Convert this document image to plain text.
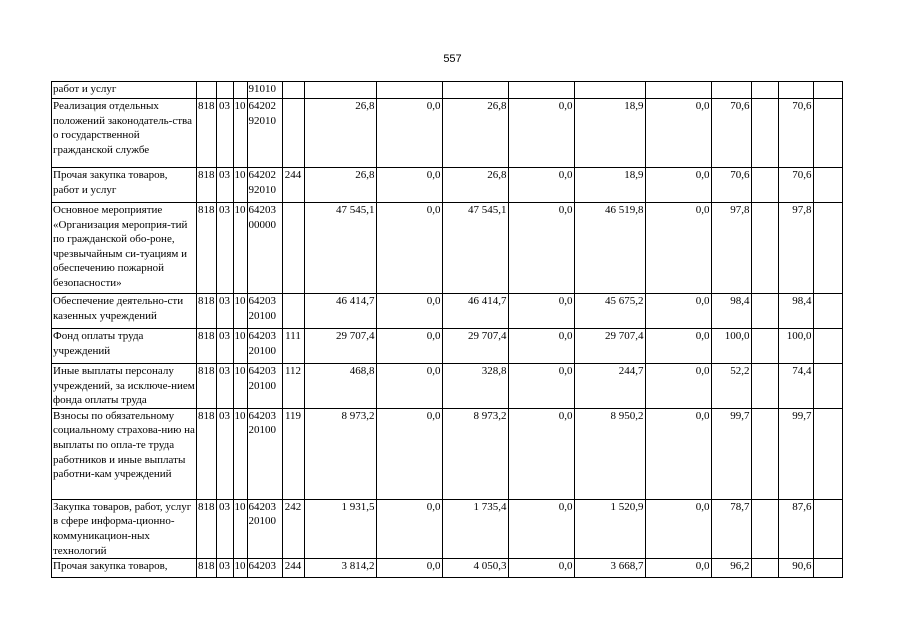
557
работ и услуг				91010											
Реализация отдельных положений законодатель-ства о государственной гражданской службе	818	03	10	64202 92010		26,8	0,0	26,8	0,0	18,9	0,0	70,6		70,6	
Прочая закупка товаров, работ и услуг	818	03	10	64202 92010	244	26,8	0,0	26,8	0,0	18,9	0,0	70,6		70,6	
Основное мероприятие «Организация мероприя-тий по гражданской обо-роне, чрезвычайным си-туациям и обеспечению пожарной безопасности»	818	03	10	64203 00000		47 545,1	0,0	47 545,1	0,0	46 519,8	0,0	97,8		97,8	
Обеспечение деятельно-сти казенных учреждений	818	03	10	64203 20100		46 414,7	0,0	46 414,7	0,0	45 675,2	0,0	98,4		98,4	
Фонд оплаты труда учреждений	818	03	10	64203 20100	111	29 707,4	0,0	29 707,4	0,0	29 707,4	0,0	100,0		100,0	
Иные выплаты персоналу учреждений, за исключе-нием фонда оплаты труда	818	03	10	64203 20100	112	468,8	0,0	328,8	0,0	244,7	0,0	52,2		74,4	
Взносы по обязательному социальному страхова-нию на выплаты по опла-те труда работников и иные выплаты работни-кам учреждений	818	03	10	64203 20100	119	8 973,2	0,0	8 973,2	0,0	8 950,2	0,0	99,7		99,7	
Закупка товаров, работ, услуг в сфере информа-ционно-коммуникацион-ных технологий	818	03	10	64203 20100	242	1 931,5	0,0	1 735,4	0,0	1 520,9	0,0	78,7		87,6	
Прочая закупка товаров,	818	03	10	64203	244	3 814,2	0,0	4 050,3	0,0	3 668,7	0,0	96,2		90,6	
